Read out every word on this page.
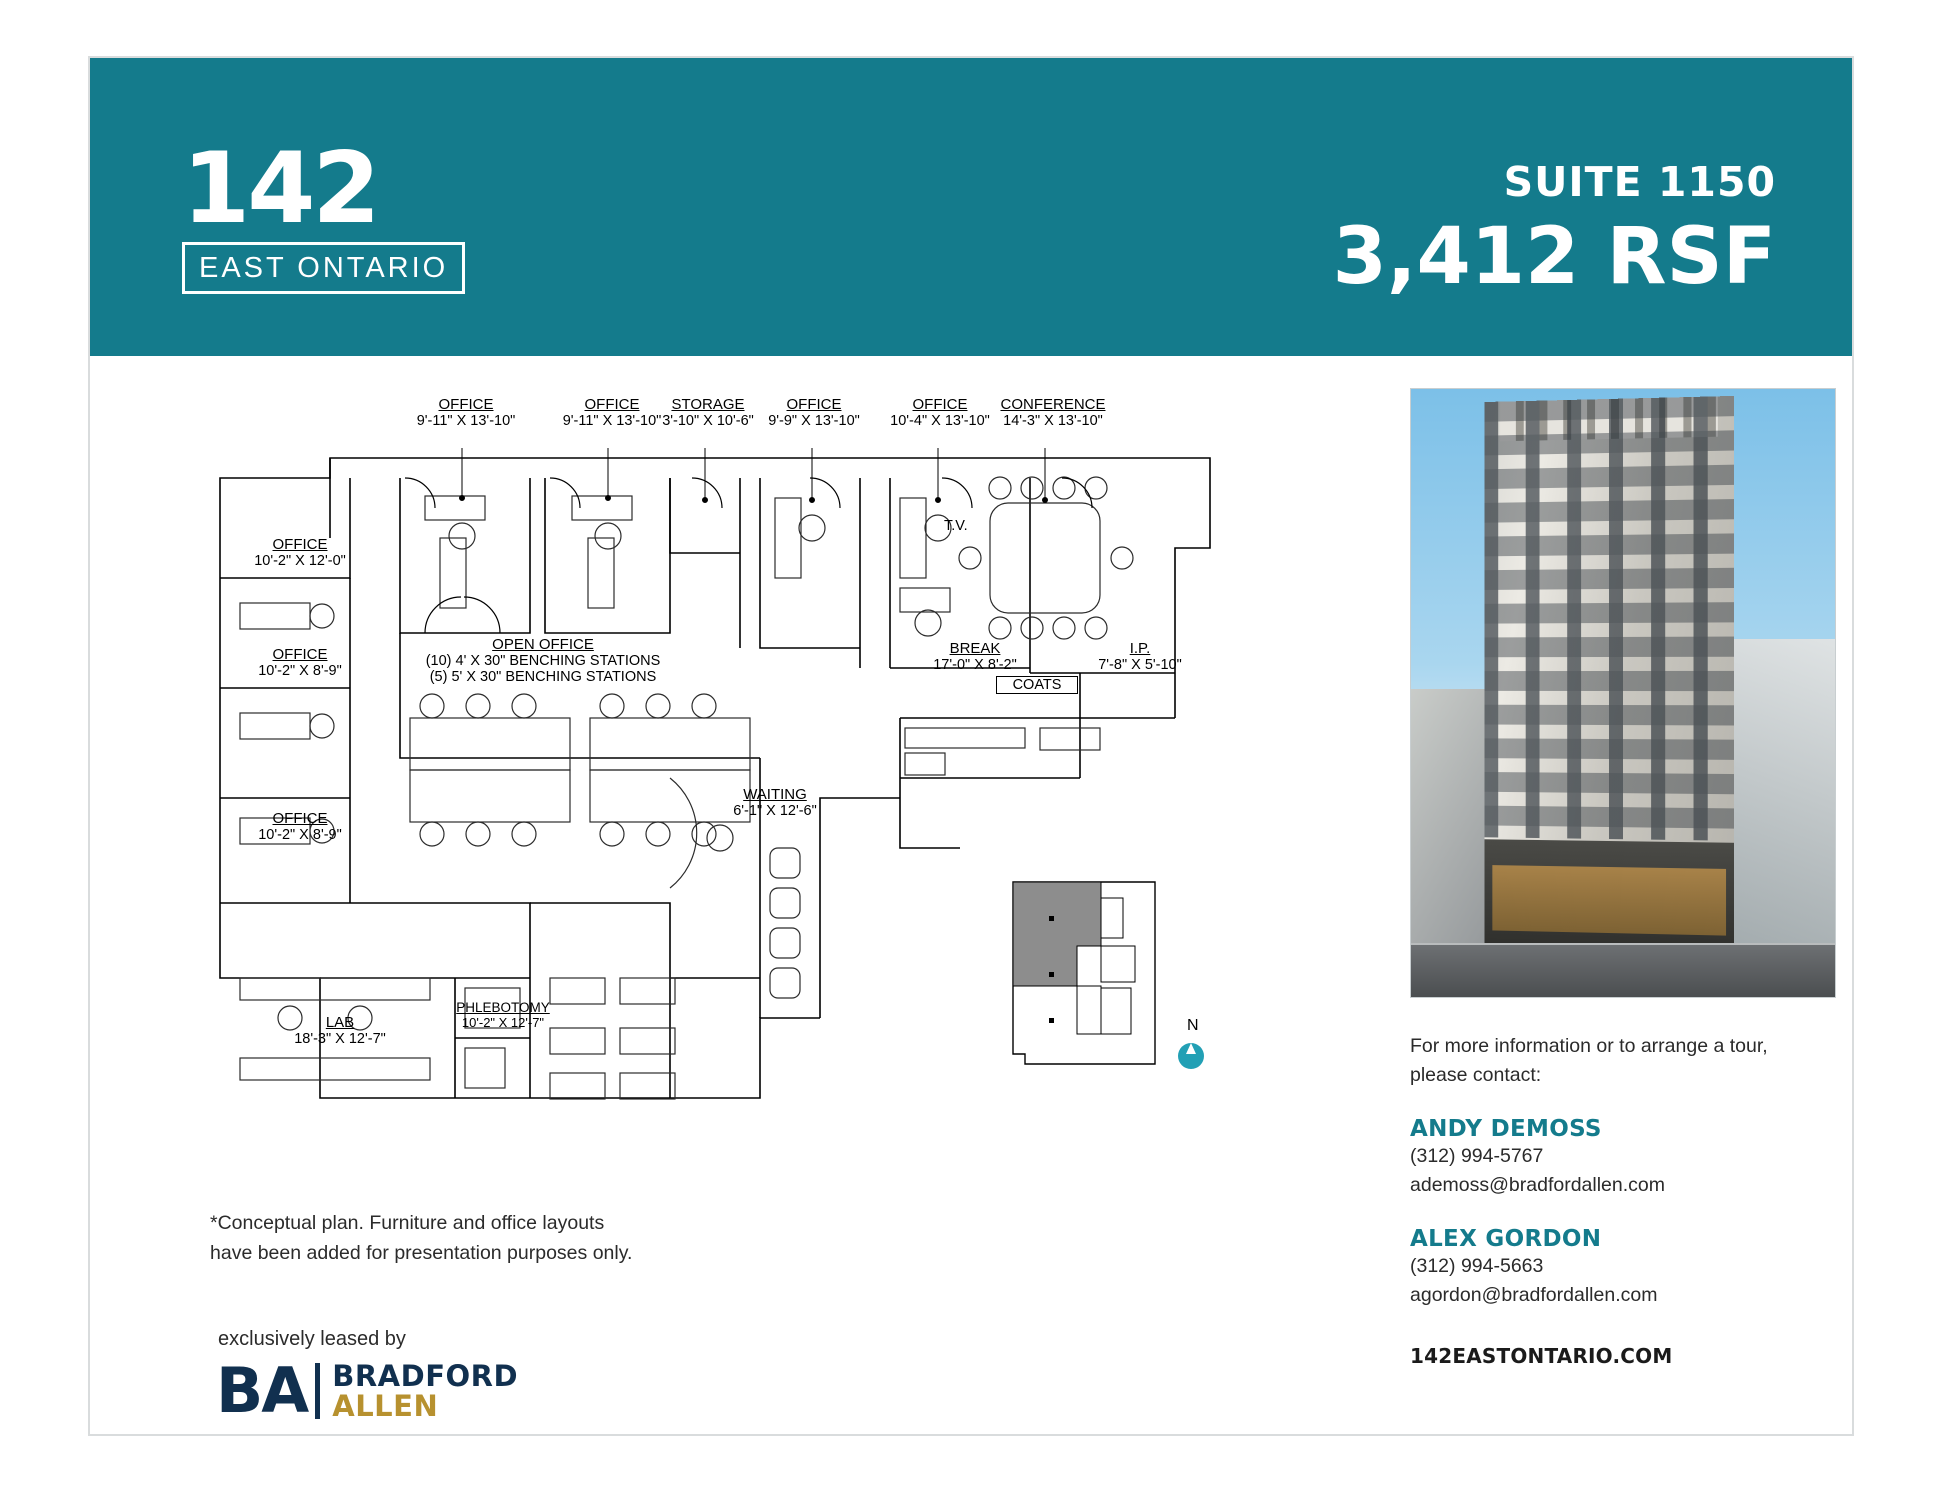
142
EAST ONTARIO
SUITE 1150
3,412 RSF
OFFICE
9'-11" X 13'-10"
OFFICE
9'-11" X 13'-10"
STORAGE
3'-10" X 10'-6"
OFFICE
9'-9" X 13'-10"
OFFICE
10'-4" X 13'-10"
CONFERENCE
14'-3" X 13'-10"
OFFICE
10'-2" X 12'-0"
OFFICE
10'-2" X 8'-9"
OFFICE
10'-2" X 8'-9"
OPEN OFFICE
(10) 4' X 30" BENCHING STATIONS
(5) 5' X 30" BENCHING STATIONS
BREAK
17'-0" X 8'-2"
I.P.
7'-8" X 5'-10"
COATS
T.V.
WAITING
6'-1" X 12'-6"
LAB
18'-3" X 12'-7"
PHLEBOTOMY
10'-2" X 12'-7"	N
*Conceptual plan. Furniture and office layouts
have been added for presentation purposes only.
exclusively leased by
BA BRADFORD
ALLEN
For more information or to arrange a tour,
please contact:
ANDY DEMOSS
(312) 994-5767
ademoss@bradfordallen.com
ALEX GORDON
(312) 994-5663
agordon@bradfordallen.com
142EASTONTARIO.COM
